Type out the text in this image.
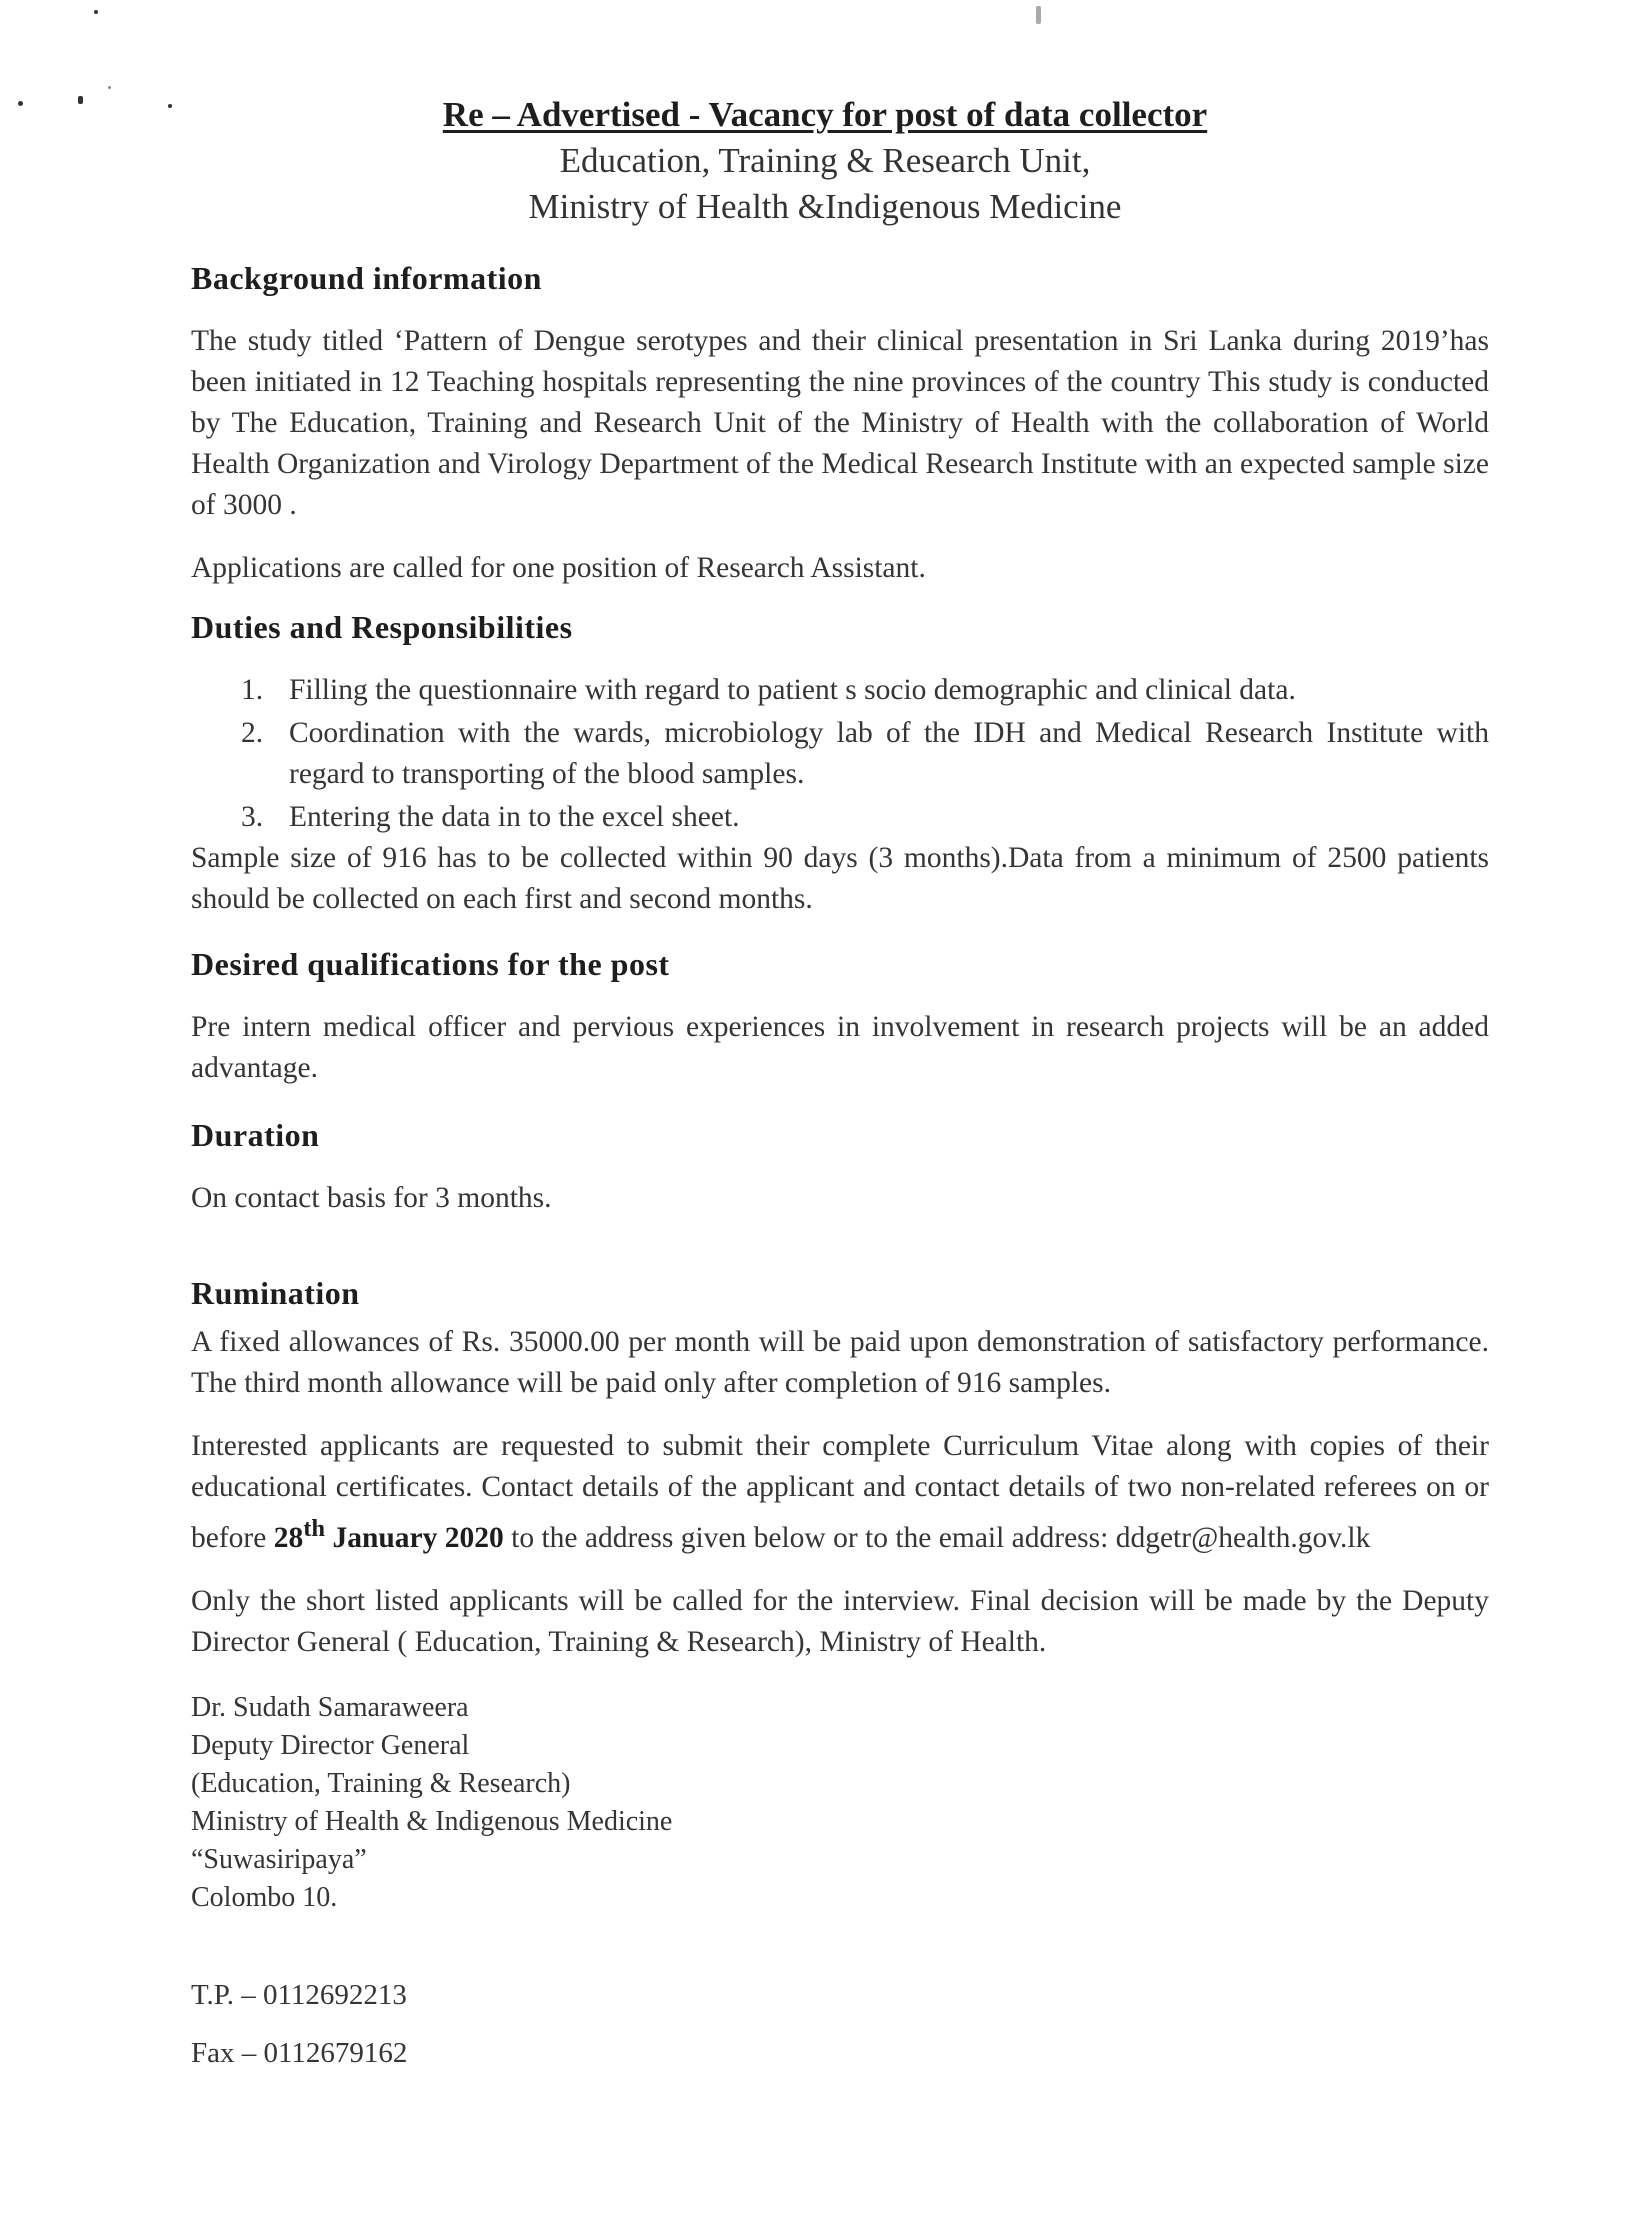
Re – Advertised - Vacancy for post of data collector
Education, Training & Research Unit,
Ministry of Health &Indigenous Medicine
Background information

The study titled ‘Pattern of Dengue serotypes and their clinical presentation in Sri Lanka during 2019’has been initiated in 12 Teaching hospitals representing the nine provinces of the country This study is conducted by The Education, Training and Research Unit of the Ministry of Health with the collaboration of World Health Organization and Virology Department of the Medical Research Institute with an expected sample size of 3000 .

Applications are called for one position of Research Assistant.

Duties and Responsibilities
1. Filling the questionnaire with regard to patient s socio demographic and clinical data.
2. Coordination with the wards, microbiology lab of the IDH and Medical Research Institute with regard to transporting of the blood samples.
3. Entering the data in to the excel sheet.

Sample size of 916 has to be collected within 90 days (3 months).Data from a minimum of 2500 patients should be collected on each first and second months.

Desired qualifications for the post

Pre intern medical officer and pervious experiences in involvement in research projects will be an added advantage.

Duration

On contact basis for 3 months.

Rumination

A fixed allowances of Rs. 35000.00 per month will be paid upon demonstration of satisfactory performance. The third month allowance will be paid only after completion of 916 samples.

Interested applicants are requested to submit their complete Curriculum Vitae along with copies of their educational certificates. Contact details of the applicant and contact details of two non-related referees on or before 28th January 2020 to the address given below or to the email address: ddgetr@health.gov.lk

Only the short listed applicants will be called for the interview. Final decision will be made by the Deputy Director General ( Education, Training & Research), Ministry of Health.

Dr. Sudath Samaraweera
Deputy Director General
(Education, Training & Research)
Ministry of Health & Indigenous Medicine
“Suwasiripaya”
Colombo 10.
T.P. – 0112692213
Fax – 0112679162
